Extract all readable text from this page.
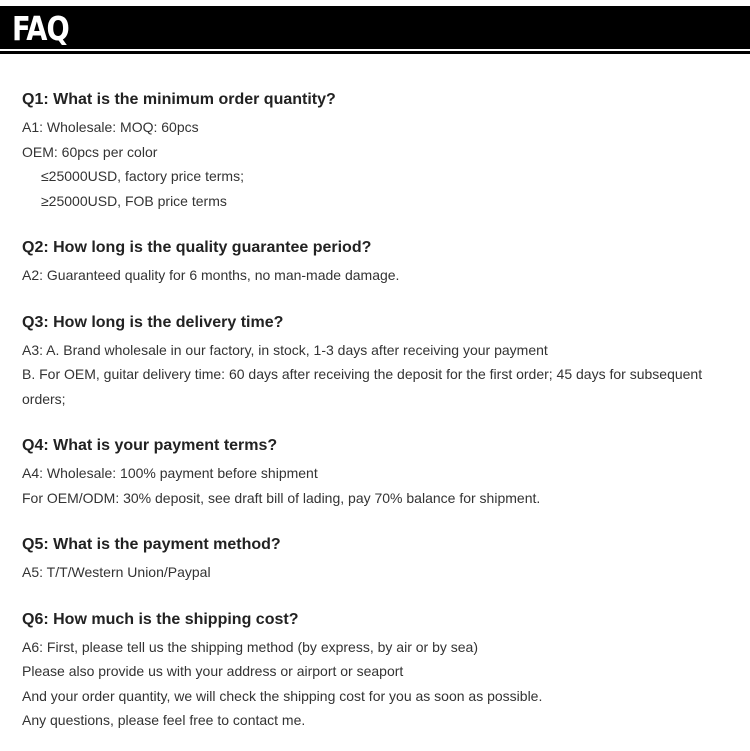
FAQ
Q1: What is the minimum order quantity?
A1: Wholesale: MOQ: 60pcs
OEM: 60pcs per color
≤25000USD, factory price terms;
≥25000USD, FOB price terms
Q2: How long is the quality guarantee period?
A2: Guaranteed quality for 6 months, no man-made damage.
Q3: How long is the delivery time?
A3: A. Brand wholesale in our factory, in stock, 1-3 days after receiving your payment
B. For OEM, guitar delivery time: 60 days after receiving the deposit for the first order; 45 days for subsequent orders;
Q4: What is your payment terms?
A4: Wholesale: 100% payment before shipment
For OEM/ODM: 30% deposit, see draft bill of lading, pay 70% balance for shipment.
Q5: What is the payment method?
A5: T/T/Western Union/Paypal
Q6: How much is the shipping cost?
A6: First, please tell us the shipping method (by express, by air or by sea)
Please also provide us with your address or airport or seaport
And your order quantity, we will check the shipping cost for you as soon as possible.
Any questions, please feel free to contact me.
